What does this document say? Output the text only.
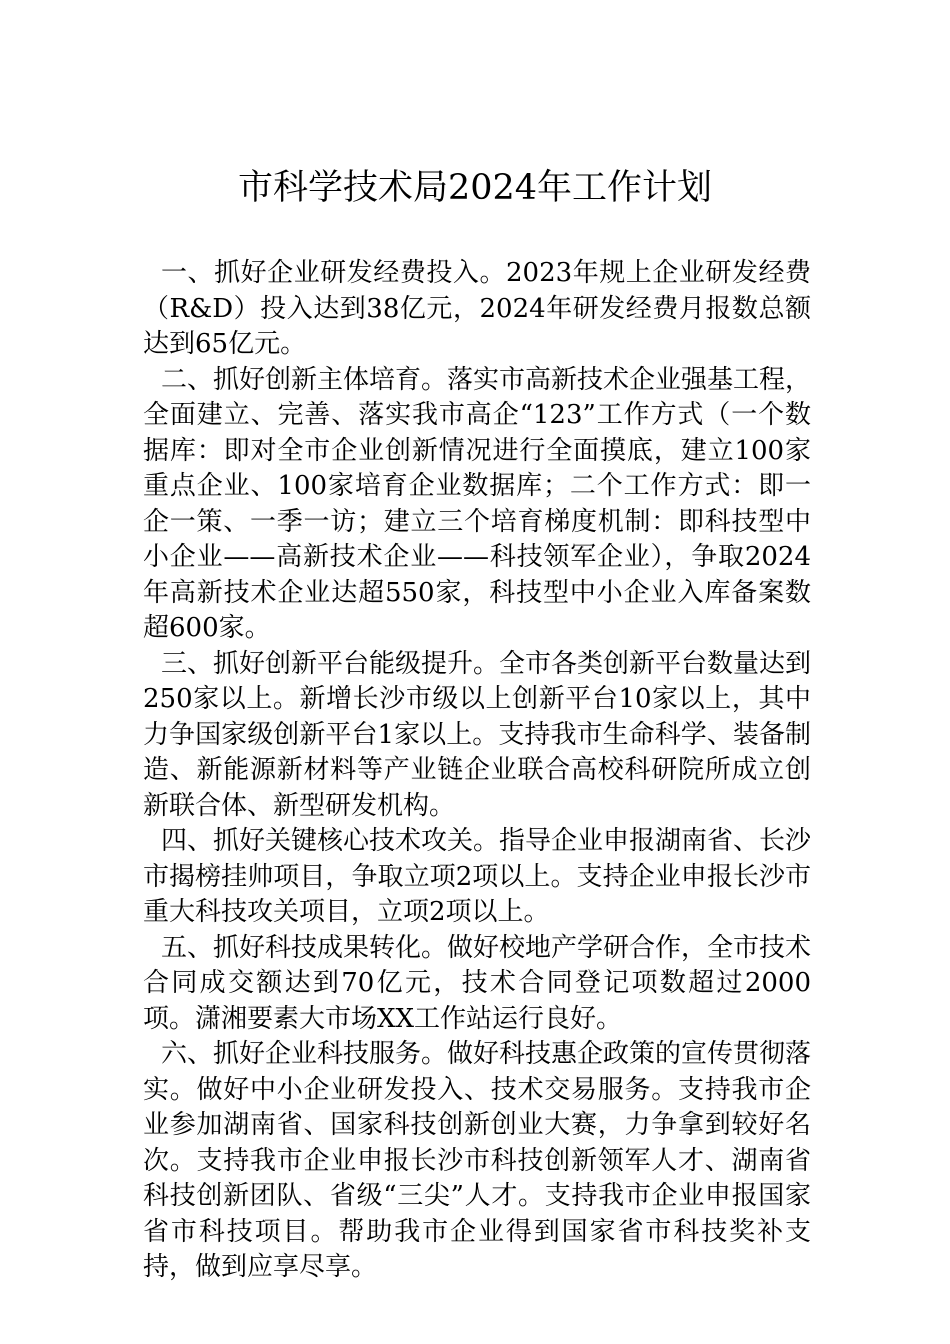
市科学技术局2024年工作计划

一、抓好企业研发经费投入。2023年规上企业研发经费（R&D）投入达到38亿元，2024年研发经费月报数总额达到65亿元。

二、抓好创新主体培育。落实市高新技术企业强基工程，全面建立、完善、落实我市高企“123”工作方式（一个数据库：即对全市企业创新情况进行全面摸底，建立100家重点企业、100家培育企业数据库；二个工作方式：即一企一策、一季一访；建立三个培育梯度机制：即科技型中小企业——高新技术企业——科技领军企业），争取2024年高新技术企业达超550家，科技型中小企业入库备案数超600家。

三、抓好创新平台能级提升。全市各类创新平台数量达到250家以上。新增长沙市级以上创新平台10家以上，其中力争国家级创新平台1家以上。支持我市生命科学、装备制造、新能源新材料等产业链企业联合高校科研院所成立创新联合体、新型研发机构。

四、抓好关键核心技术攻关。指导企业申报湖南省、长沙市揭榜挂帅项目，争取立项2项以上。支持企业申报长沙市重大科技攻关项目，立项2项以上。

五、抓好科技成果转化。做好校地产学研合作，全市技术合同成交额达到70亿元，技术合同登记项数超过2000项。潇湘要素大市场XX工作站运行良好。

六、抓好企业科技服务。做好科技惠企政策的宣传贯彻落实。做好中小企业研发投入、技术交易服务。支持我市企业参加湖南省、国家科技创新创业大赛，力争拿到较好名次。支持我市企业申报长沙市科技创新领军人才、湖南省科技创新团队、省级“三尖”人才。支持我市企业申报国家省市科技项目。帮助我市企业得到国家省市科技奖补支持，做到应享尽享。
